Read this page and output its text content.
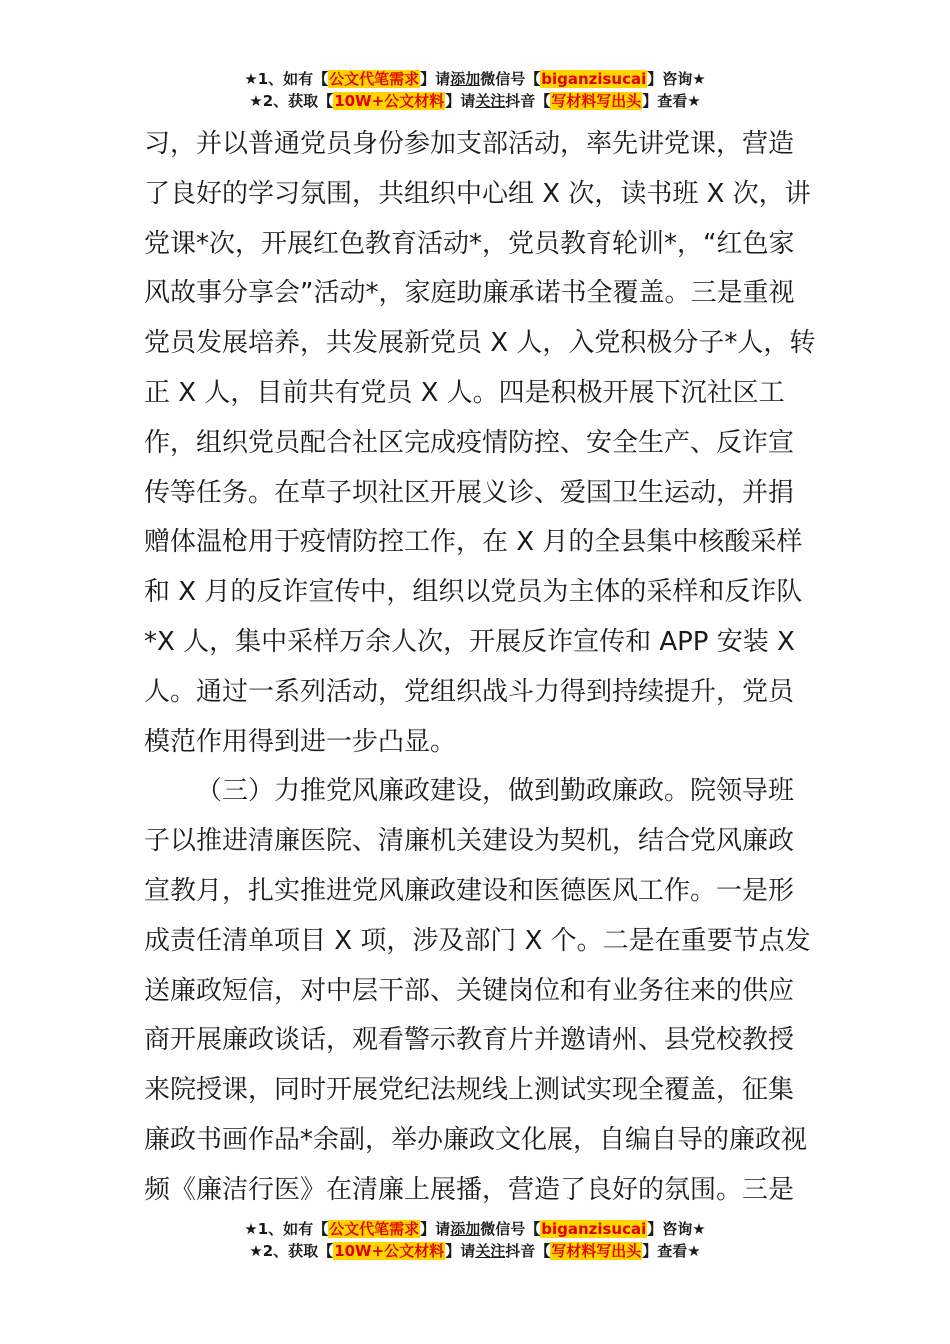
★1、如有【公文代笔需求】请添加微信号【biganzisucai】咨询★
★2、获取【10W+公文材料】请关注抖音【写材料写出头】查看★

习，并以普通党员身份参加支部活动，率先讲党课，营造
了良好的学习氛围，共组织中心组 X 次，读书班 X 次，讲
党课*次，开展红色教育活动*，党员教育轮训*，“红色家
风故事分享会”活动*，家庭助廉承诺书全覆盖。三是重视
党员发展培养，共发展新党员 X 人，入党积极分子*人，转
正 X 人，目前共有党员 X 人。四是积极开展下沉社区工
作，组织党员配合社区完成疫情防控、安全生产、反诈宣
传等任务。在草子坝社区开展义诊、爱国卫生运动，并捐
赠体温枪用于疫情防控工作，在 X 月的全县集中核酸采样
和 X 月的反诈宣传中，组织以党员为主体的采样和反诈队
*X 人，集中采样万余人次，开展反诈宣传和 APP 安装 X
人。通过一系列活动，党组织战斗力得到持续提升，党员
模范作用得到进一步凸显。

（三）力推党风廉政建设，做到勤政廉政。院领导班
子以推进清廉医院、清廉机关建设为契机，结合党风廉政
宣教月，扎实推进党风廉政建设和医德医风工作。一是形
成责任清单项目 X 项，涉及部门 X 个。二是在重要节点发
送廉政短信，对中层干部、关键岗位和有业务往来的供应
商开展廉政谈话，观看警示教育片并邀请州、县党校教授
来院授课，同时开展党纪法规线上测试实现全覆盖，征集
廉政书画作品*余副，举办廉政文化展，自编自导的廉政视
频《廉洁行医》在清廉上展播，营造了良好的氛围。三是

★1、如有【公文代笔需求】请添加微信号【biganzisucai】咨询★
★2、获取【10W+公文材料】请关注抖音【写材料写出头】查看★
